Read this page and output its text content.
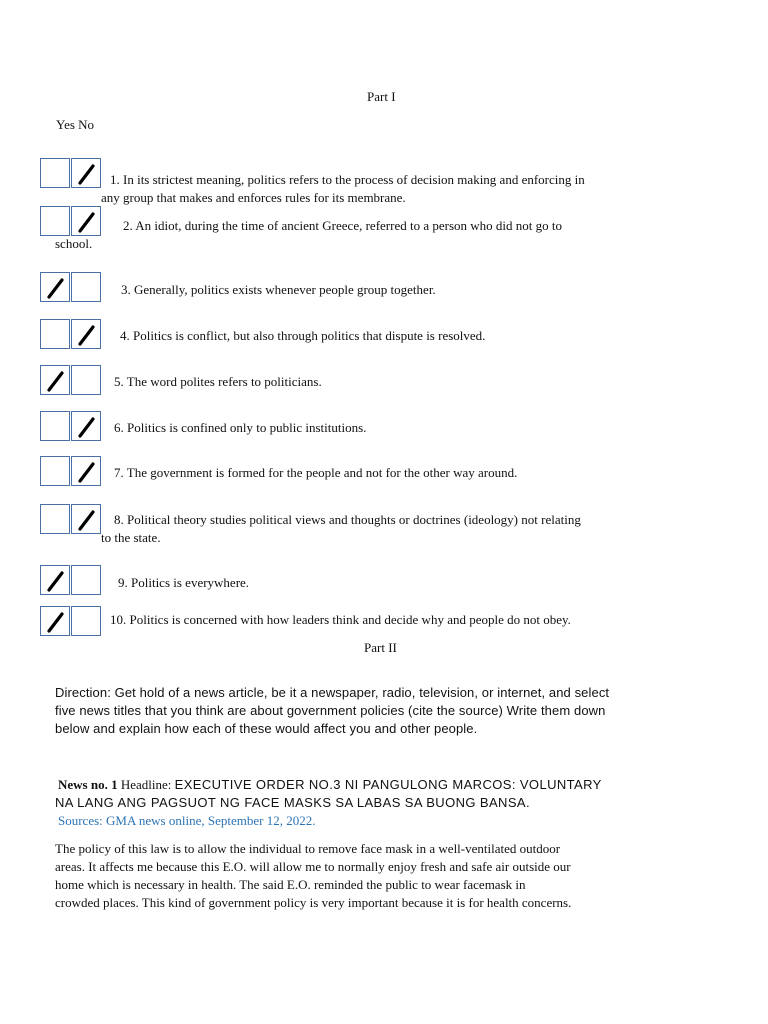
Part I
Yes No
1. In its strictest meaning, politics refers to the process of decision making and enforcing in
any group that makes and enforces rules for its membrane.
2. An idiot, during the time of ancient Greece, referred to a person who did not go to
school.
3. Generally, politics exists whenever people group together.
4. Politics is conflict, but also through politics that dispute is resolved.
5. The word polites refers to politicians.
6. Politics is confined only to public institutions.
7. The government is formed for the people and not for the other way around.
8. Political theory studies political views and thoughts or doctrines (ideology) not relating
to the state.
9. Politics is everywhere.
10. Politics is concerned with how leaders think and decide why and people do not obey.
Part II
Direction: Get hold of a news article, be it a newspaper, radio, television, or internet, and select
five news titles that you think are about government policies (cite the source) Write them down
below and explain how each of these would affect you and other people.
News no. 1 Headline: EXECUTIVE ORDER NO.3 NI PANGULONG MARCOS: VOLUNTARY
NA LANG ANG PAGSUOT NG FACE MASKS SA LABAS SA BUONG BANSA.
Sources: GMA news online, September 12, 2022.
The policy of this law is to allow the individual to remove face mask in a well-ventilated outdoor
areas. It affects me because this E.O. will allow me to normally enjoy fresh and safe air outside our
home which is necessary in health. The said E.O. reminded the public to wear facemask in
crowded places. This kind of government policy is very important because it is for health concerns.
